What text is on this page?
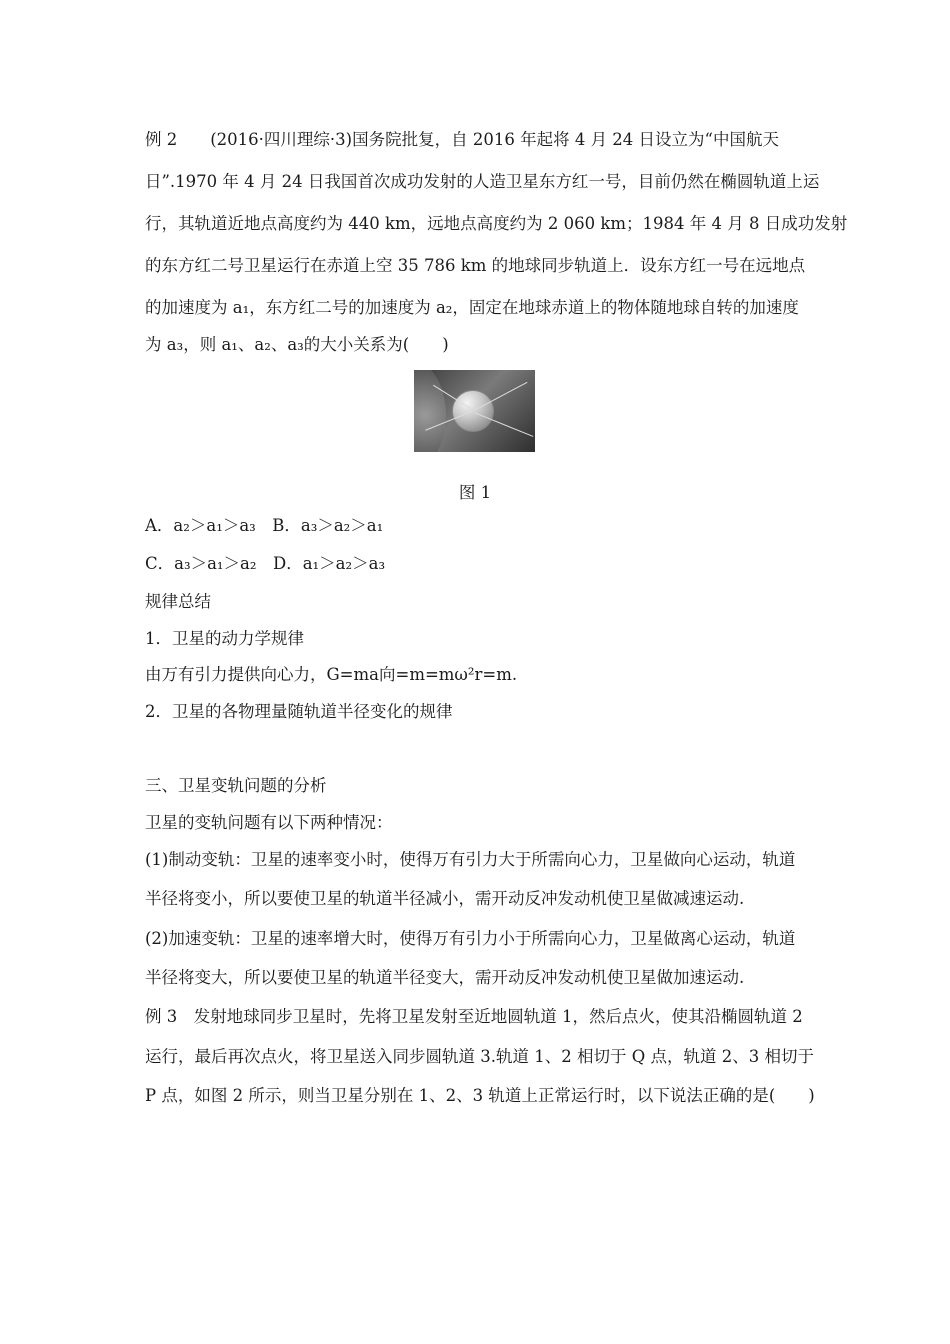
例 2　　(2016·四川理综·3)国务院批复，自 2016 年起将 4 月 24 日设立为“中国航天
日”.1970 年 4 月 24 日我国首次成功发射的人造卫星东方红一号，目前仍然在椭圆轨道上运
行，其轨道近地点高度约为 440 km，远地点高度约为 2 060 km；1984 年 4 月 8 日成功发射
的东方红二号卫星运行在赤道上空 35 786 km 的地球同步轨道上．设东方红一号在远地点
的加速度为 a₁，东方红二号的加速度为 a₂，固定在地球赤道上的物体随地球自转的加速度
为 a₃，则 a₁、a₂、a₃的大小关系为(　　)
图 1
A．a₂＞a₁＞a₃　B．a₃＞a₂＞a₁
C．a₃＞a₁＞a₂　D．a₁＞a₂＞a₃
规律总结
1．卫星的动力学规律
由万有引力提供向心力，G=ma向=m=mω²r=m.
2．卫星的各物理量随轨道半径变化的规律
三、卫星变轨问题的分析
卫星的变轨问题有以下两种情况：
(1)制动变轨：卫星的速率变小时，使得万有引力大于所需向心力，卫星做向心运动，轨道
半径将变小，所以要使卫星的轨道半径减小，需开动反冲发动机使卫星做减速运动.
(2)加速变轨：卫星的速率增大时，使得万有引力小于所需向心力，卫星做离心运动，轨道
半径将变大，所以要使卫星的轨道半径变大，需开动反冲发动机使卫星做加速运动.
例 3　发射地球同步卫星时，先将卫星发射至近地圆轨道 1，然后点火，使其沿椭圆轨道 2
运行，最后再次点火，将卫星送入同步圆轨道 3.轨道 1、2 相切于 Q 点，轨道 2、3 相切于
P 点，如图 2 所示，则当卫星分别在 1、2、3 轨道上正常运行时，以下说法正确的是(　　)
